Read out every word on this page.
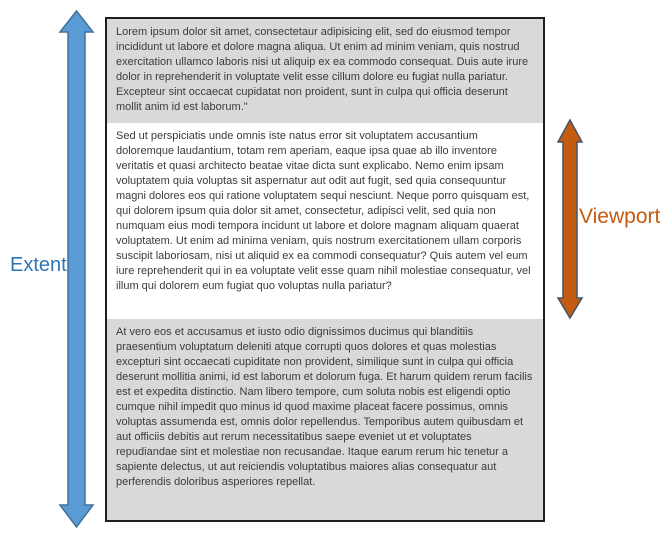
Extent
Lorem ipsum dolor sit amet, consectetaur adipisicing elit, sed do eiusmod tempor incididunt ut labore et dolore magna aliqua. Ut enim ad minim veniam, quis nostrud exercitation ullamco laboris nisi ut aliquip ex ea commodo consequat. Duis aute irure dolor in reprehenderit in voluptate velit esse cillum dolore eu fugiat nulla pariatur. Excepteur sint occaecat cupidatat non proident, sunt in culpa qui officia deserunt mollit anim id est laborum."
Sed ut perspiciatis unde omnis iste natus error sit voluptatem accusantium doloremque laudantium, totam rem aperiam, eaque ipsa quae ab illo inventore veritatis et quasi architecto beatae vitae dicta sunt explicabo. Nemo enim ipsam voluptatem quia voluptas sit aspernatur aut odit aut fugit, sed quia consequuntur magni dolores eos qui ratione voluptatem sequi nesciunt. Neque porro quisquam est, qui dolorem ipsum quia dolor sit amet, consectetur, adipisci velit, sed quia non numquam eius modi tempora incidunt ut labore et dolore magnam aliquam quaerat voluptatem. Ut enim ad minima veniam, quis nostrum exercitationem ullam corporis suscipit laboriosam, nisi ut aliquid ex ea commodi consequatur? Quis autem vel eum iure reprehenderit qui in ea voluptate velit esse quam nihil molestiae consequatur, vel illum qui dolorem eum fugiat quo voluptas nulla pariatur?
At vero eos et accusamus et iusto odio dignissimos ducimus qui blanditiis praesentium voluptatum deleniti atque corrupti quos dolores et quas molestias excepturi sint occaecati cupiditate non provident, similique sunt in culpa qui officia deserunt mollitia animi, id est laborum et dolorum fuga. Et harum quidem rerum facilis est et expedita distinctio. Nam libero tempore, cum soluta nobis est eligendi optio cumque nihil impedit quo minus id quod maxime placeat facere possimus, omnis voluptas assumenda est, omnis dolor repellendus. Temporibus autem quibusdam et aut officiis debitis aut rerum necessitatibus saepe eveniet ut et voluptates repudiandae sint et molestiae non recusandae. Itaque earum rerum hic tenetur a sapiente delectus, ut aut reiciendis voluptatibus maiores alias consequatur aut perferendis doloribus asperiores repellat.
Viewport
